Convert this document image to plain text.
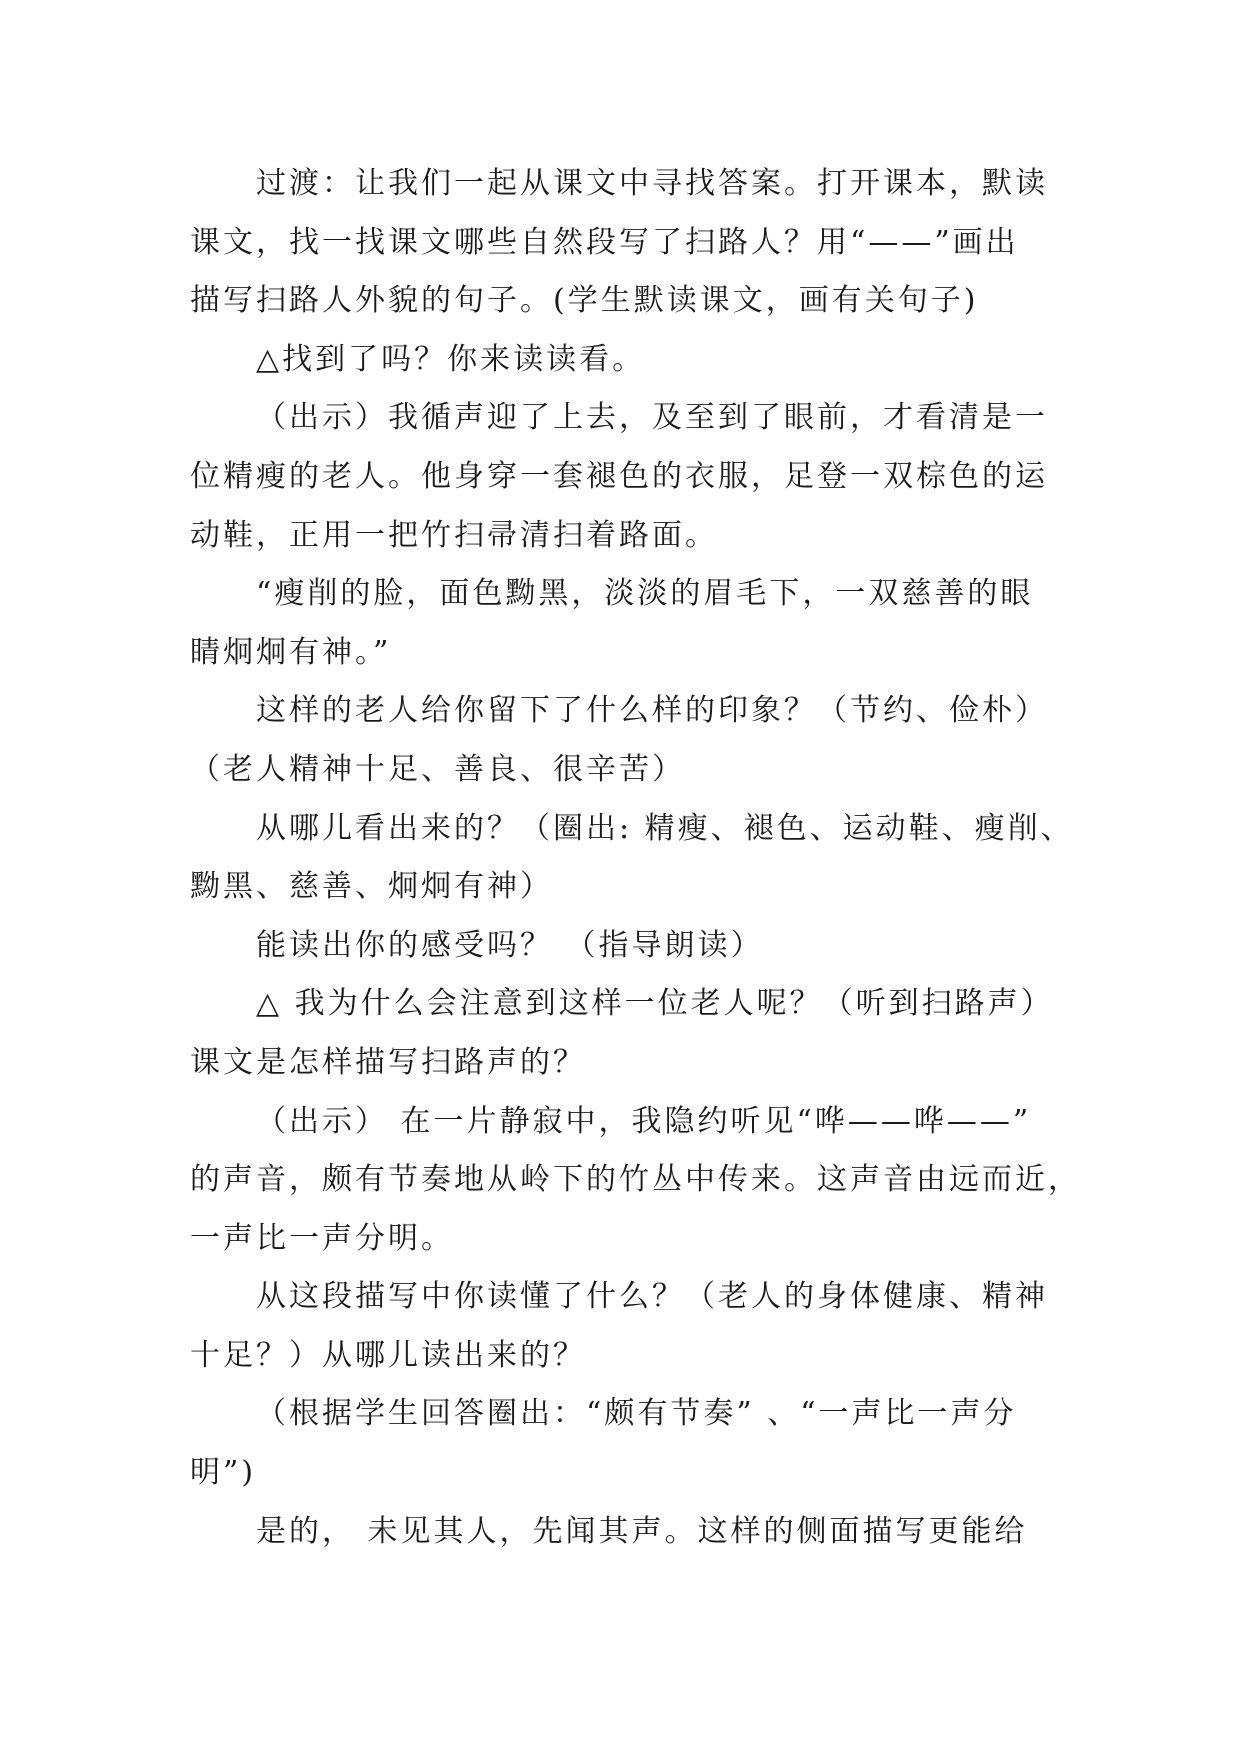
过渡：让我们一起从课文中寻找答案。打开课本，默读
课文，找一找课文哪些自然段写了扫路人？用“——”画出
描写扫路人外貌的句子。(学生默读课文，画有关句子)
△找到了吗？你来读读看。
（出示）我循声迎了上去，及至到了眼前，才看清是一
位精瘦的老人。他身穿一套褪色的衣服，足登一双棕色的运
动鞋，正用一把竹扫帚清扫着路面。
“瘦削的脸，面色黝黑，淡淡的眉毛下，一双慈善的眼
睛炯炯有神。”
这样的老人给你留下了什么样的印象？（节约、俭朴）
（老人精神十足、善良、很辛苦）
从哪儿看出来的？（圈出: 精瘦、褪色、运动鞋、瘦削、
黝黑、慈善、炯炯有神）
能读出你的感受吗？ （指导朗读）
△ 我为什么会注意到这样一位老人呢？（听到扫路声）
课文是怎样描写扫路声的？
（出示） 在一片静寂中，我隐约听见“哗——哗——”
的声音，颇有节奏地从岭下的竹丛中传来。这声音由远而近，
一声比一声分明。
从这段描写中你读懂了什么？（老人的身体健康、精神
十足？）从哪儿读出来的？
（根据学生回答圈出：“颇有节奏” 、“一声比一声分
明”)
是的， 未见其人，先闻其声。这样的侧面描写更能给
